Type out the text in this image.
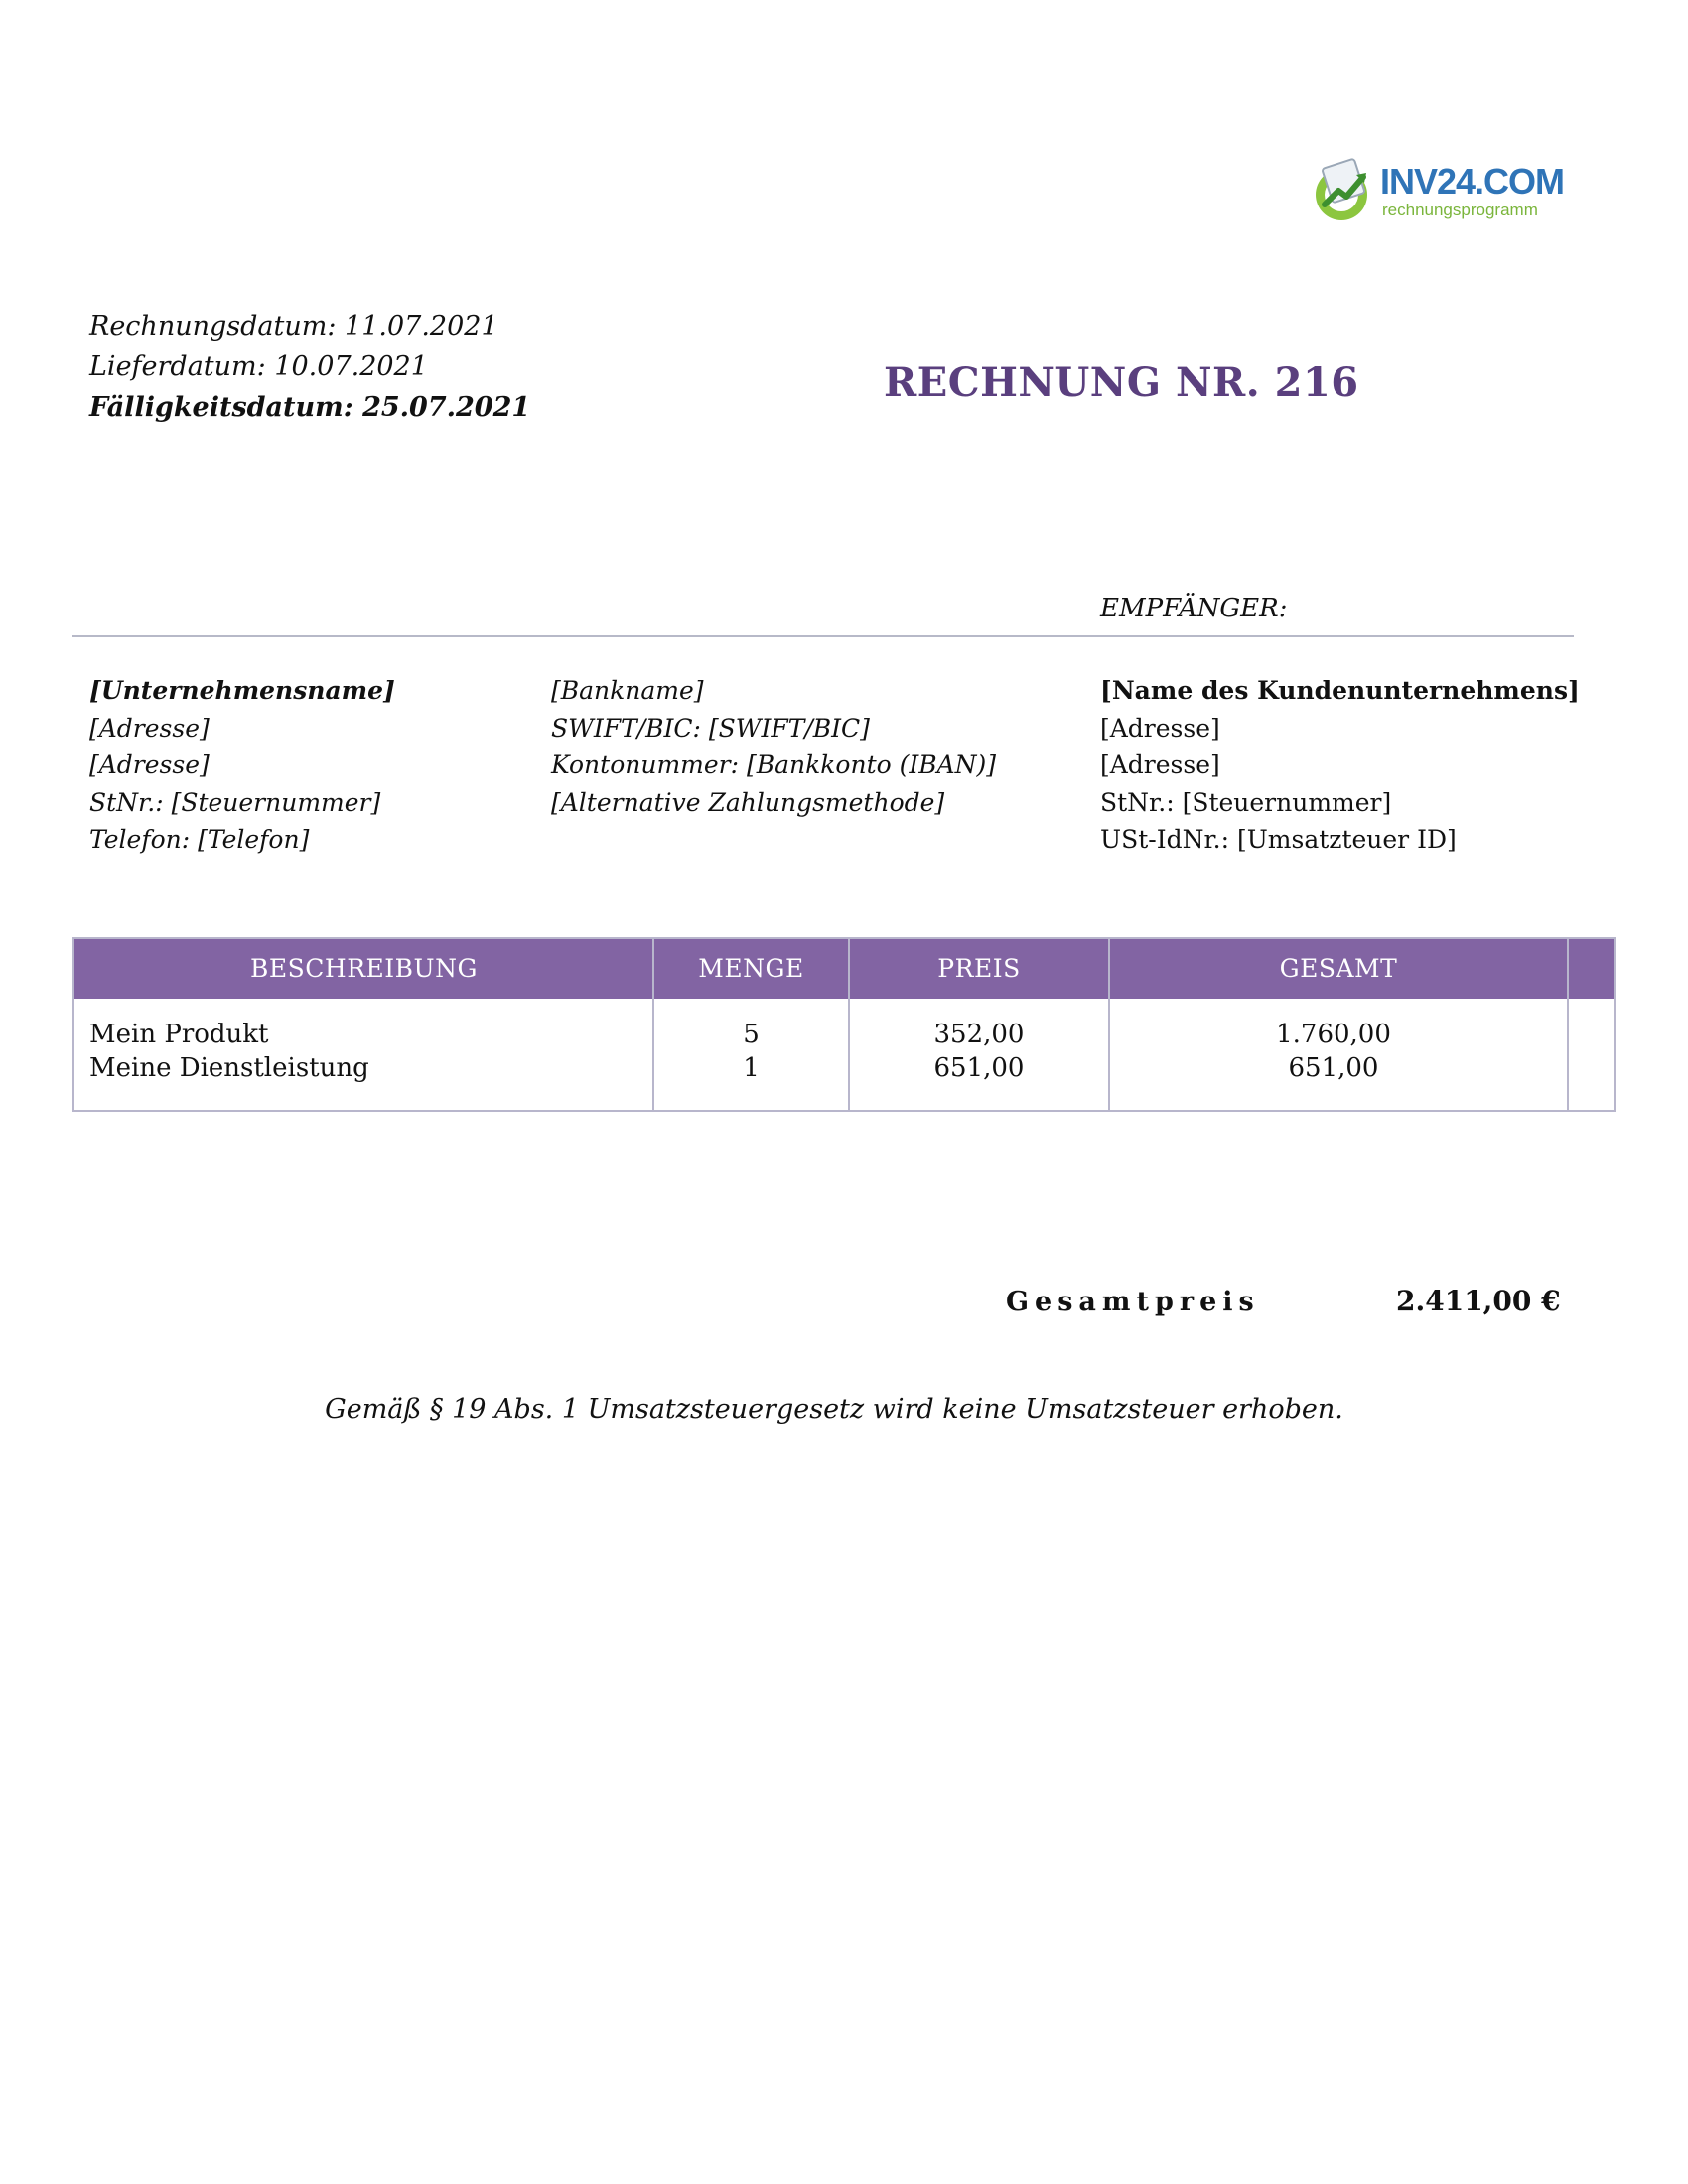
INV24.COM
rechnungsprogramm
Rechnungsdatum: 11.07.2021
Lieferdatum: 10.07.2021
Fälligkeitsdatum: 25.07.2021
RECHNUNG NR. 216
EMPFÄNGER:
[Unternehmensname]
[Adresse]
[Adresse]
StNr.: [Steuernummer]
Telefon: [Telefon]
[Bankname]
SWIFT/BIC: [SWIFT/BIC]
Kontonummer: [Bankkonto (IBAN)]
[Alternative Zahlungsmethode]
[Name des Kundenunternehmens]
[Adresse]
[Adresse]
StNr.: [Steuernummer]
USt-IdNr.: [Umsatzteuer ID]
BESCHREIBUNG	MENGE	PREIS	GESAMT
Mein Produkt	5	352,00	1.760,00
Meine Dienstleistung	1	651,00	651,00
Gesamtpreis	2.411,00 €
Gemäß § 19 Abs. 1 Umsatzsteuergesetz wird keine Umsatzsteuer erhoben.
